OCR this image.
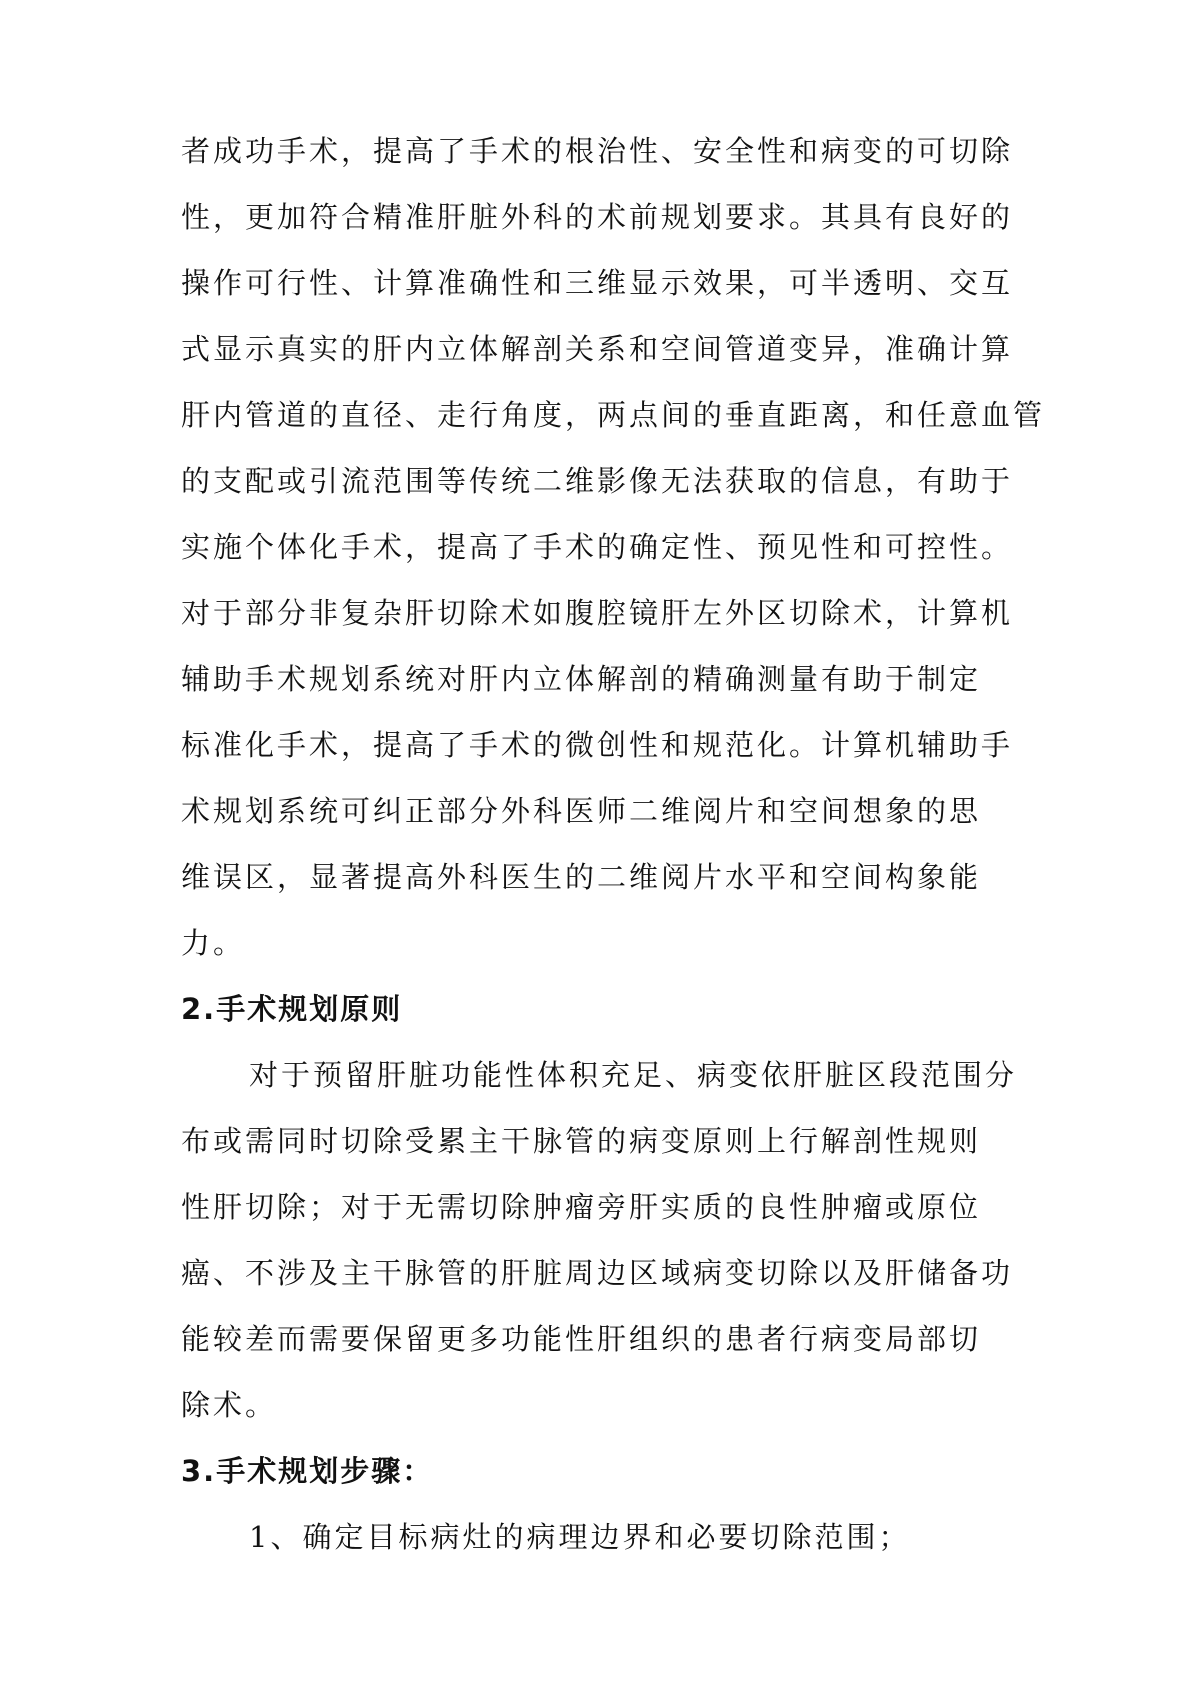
者成功手术，提高了手术的根治性、安全性和病变的可切除

性，更加符合精准肝脏外科的术前规划要求。其具有良好的

操作可行性、计算准确性和三维显示效果，可半透明、交互

式显示真实的肝内立体解剖关系和空间管道变异，准确计算

肝内管道的直径、走行角度，两点间的垂直距离，和任意血管

的支配或引流范围等传统二维影像无法获取的信息，有助于

实施个体化手术，提高了手术的确定性、预见性和可控性。

对于部分非复杂肝切除术如腹腔镜肝左外区切除术，计算机

辅助手术规划系统对肝内立体解剖的精确测量有助于制定

标准化手术，提高了手术的微创性和规范化。计算机辅助手

术规划系统可纠正部分外科医师二维阅片和空间想象的思

维误区，显著提高外科医生的二维阅片水平和空间构象能

力。

2.手术规划原则

对于预留肝脏功能性体积充足、病变依肝脏区段范围分

布或需同时切除受累主干脉管的病变原则上行解剖性规则

性肝切除；对于无需切除肿瘤旁肝实质的良性肿瘤或原位

癌、不涉及主干脉管的肝脏周边区域病变切除以及肝储备功

能较差而需要保留更多功能性肝组织的患者行病变局部切

除术。

3.手术规划步骤：

1、确定目标病灶的病理边界和必要切除范围；
